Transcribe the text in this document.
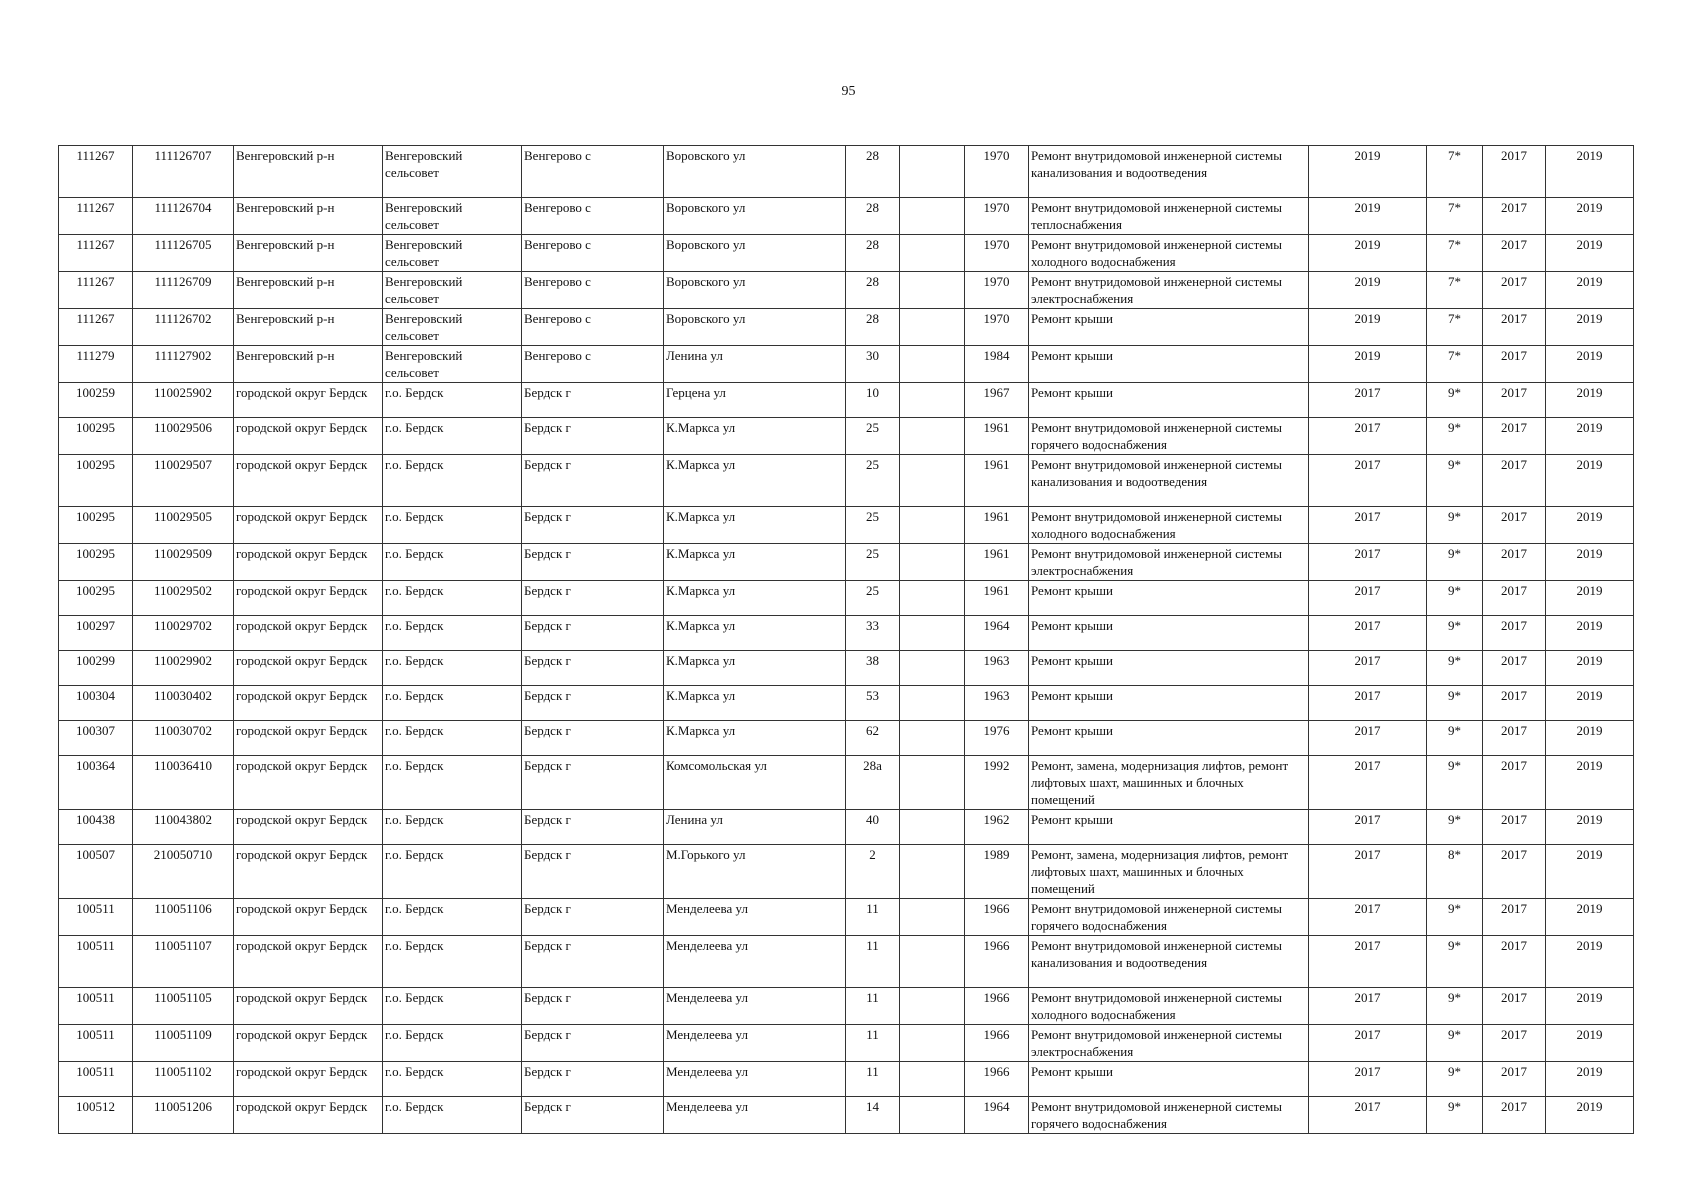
95
111267	111126707	Венгеровский р-н	Венгеровский сельсовет	Венгерово с	Воровского ул	28		1970	Ремонт внутридомовой инженерной системы канализования и водоотведения	2019	7*	2017	2019
111267	111126704	Венгеровский р-н	Венгеровский сельсовет	Венгерово с	Воровского ул	28		1970	Ремонт внутридомовой инженерной системы теплоснабжения	2019	7*	2017	2019
111267	111126705	Венгеровский р-н	Венгеровский сельсовет	Венгерово с	Воровского ул	28		1970	Ремонт внутридомовой инженерной системы холодного водоснабжения	2019	7*	2017	2019
111267	111126709	Венгеровский р-н	Венгеровский сельсовет	Венгерово с	Воровского ул	28		1970	Ремонт внутридомовой инженерной системы электроснабжения	2019	7*	2017	2019
111267	111126702	Венгеровский р-н	Венгеровский сельсовет	Венгерово с	Воровского ул	28		1970	Ремонт крыши	2019	7*	2017	2019
111279	111127902	Венгеровский р-н	Венгеровский сельсовет	Венгерово с	Ленина ул	30		1984	Ремонт крыши	2019	7*	2017	2019
100259	110025902	городской округ Бердск	г.о. Бердск	Бердск г	Герцена ул	10		1967	Ремонт крыши	2017	9*	2017	2019
100295	110029506	городской округ Бердск	г.о. Бердск	Бердск г	К.Маркса ул	25		1961	Ремонт внутридомовой инженерной системы горячего водоснабжения	2017	9*	2017	2019
100295	110029507	городской округ Бердск	г.о. Бердск	Бердск г	К.Маркса ул	25		1961	Ремонт внутридомовой инженерной системы канализования и водоотведения	2017	9*	2017	2019
100295	110029505	городской округ Бердск	г.о. Бердск	Бердск г	К.Маркса ул	25		1961	Ремонт внутридомовой инженерной системы холодного водоснабжения	2017	9*	2017	2019
100295	110029509	городской округ Бердск	г.о. Бердск	Бердск г	К.Маркса ул	25		1961	Ремонт внутридомовой инженерной системы электроснабжения	2017	9*	2017	2019
100295	110029502	городской округ Бердск	г.о. Бердск	Бердск г	К.Маркса ул	25		1961	Ремонт крыши	2017	9*	2017	2019
100297	110029702	городской округ Бердск	г.о. Бердск	Бердск г	К.Маркса ул	33		1964	Ремонт крыши	2017	9*	2017	2019
100299	110029902	городской округ Бердск	г.о. Бердск	Бердск г	К.Маркса ул	38		1963	Ремонт крыши	2017	9*	2017	2019
100304	110030402	городской округ Бердск	г.о. Бердск	Бердск г	К.Маркса ул	53		1963	Ремонт крыши	2017	9*	2017	2019
100307	110030702	городской округ Бердск	г.о. Бердск	Бердск г	К.Маркса ул	62		1976	Ремонт крыши	2017	9*	2017	2019
100364	110036410	городской округ Бердск	г.о. Бердск	Бердск г	Комсомольская ул	28а		1992	Ремонт, замена, модернизация лифтов, ремонт лифтовых шахт, машинных и блочных помещений	2017	9*	2017	2019
100438	110043802	городской округ Бердск	г.о. Бердск	Бердск г	Ленина ул	40		1962	Ремонт крыши	2017	9*	2017	2019
100507	210050710	городской округ Бердск	г.о. Бердск	Бердск г	М.Горького ул	2		1989	Ремонт, замена, модернизация лифтов, ремонт лифтовых шахт, машинных и блочных помещений	2017	8*	2017	2019
100511	110051106	городской округ Бердск	г.о. Бердск	Бердск г	Менделеева ул	11		1966	Ремонт внутридомовой инженерной системы горячего водоснабжения	2017	9*	2017	2019
100511	110051107	городской округ Бердск	г.о. Бердск	Бердск г	Менделеева ул	11		1966	Ремонт внутридомовой инженерной системы канализования и водоотведения	2017	9*	2017	2019
100511	110051105	городской округ Бердск	г.о. Бердск	Бердск г	Менделеева ул	11		1966	Ремонт внутридомовой инженерной системы холодного водоснабжения	2017	9*	2017	2019
100511	110051109	городской округ Бердск	г.о. Бердск	Бердск г	Менделеева ул	11		1966	Ремонт внутридомовой инженерной системы электроснабжения	2017	9*	2017	2019
100511	110051102	городской округ Бердск	г.о. Бердск	Бердск г	Менделеева ул	11		1966	Ремонт крыши	2017	9*	2017	2019
100512	110051206	городской округ Бердск	г.о. Бердск	Бердск г	Менделеева ул	14		1964	Ремонт внутридомовой инженерной системы горячего водоснабжения	2017	9*	2017	2019
